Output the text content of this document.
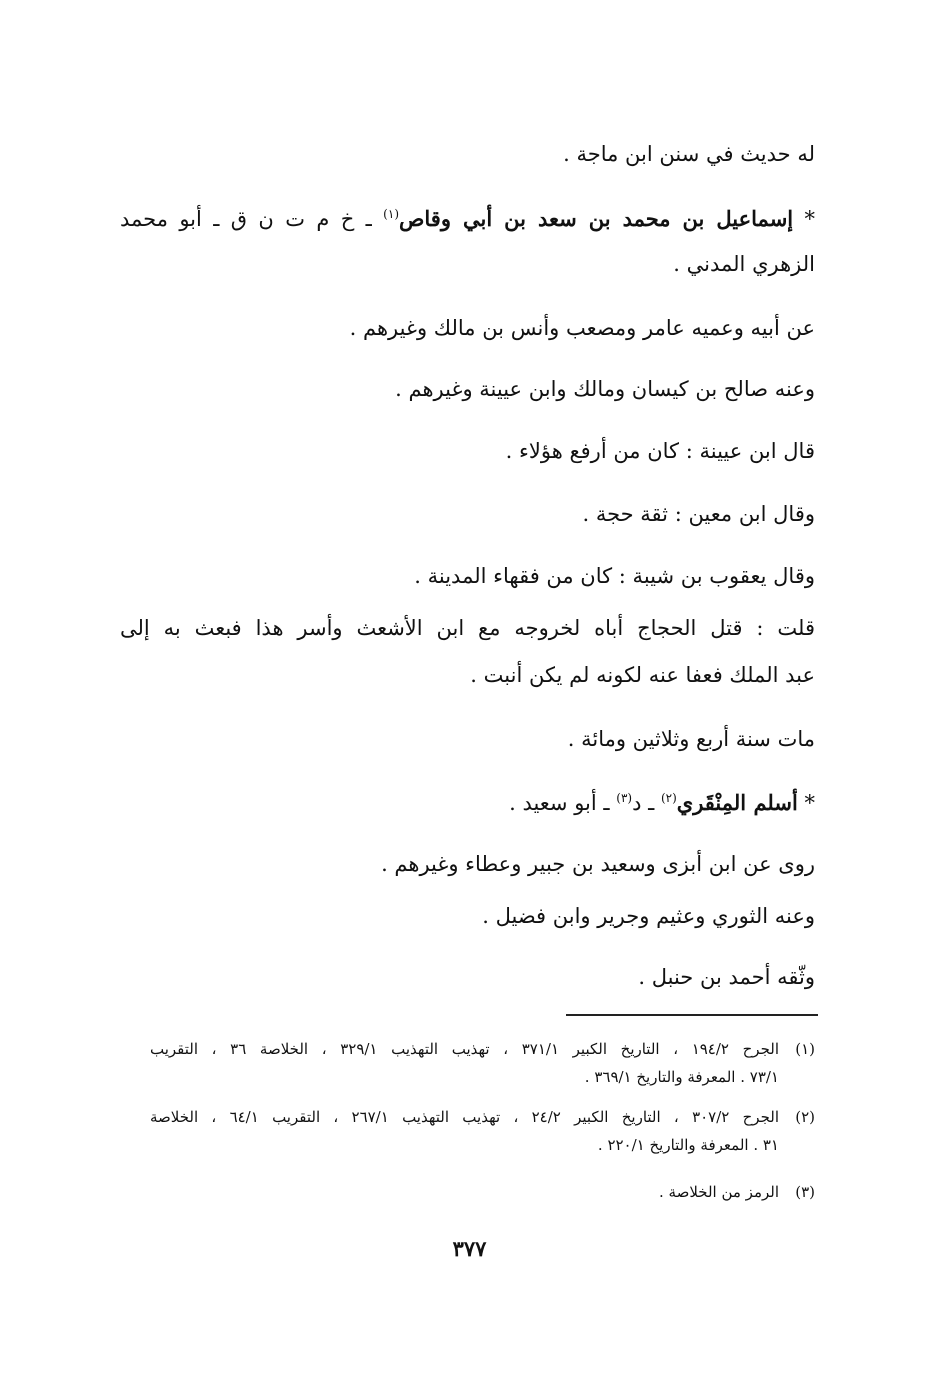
له حديث في سنن ابن ماجة .
* إسماعيل بن محمد بن سعد بن أبي وقاص$^{(١)}$ ـ خ م ت ن ق ـ أبو محمد
الزهري المدني .
عن أبيه وعميه عامر ومصعب وأنس بن مالك وغيرهم .
وعنه صالح بن كيسان ومالك وابن عيينة وغيرهم .
قال ابن عيينة : كان من أرفع هؤلاء .
وقال ابن معين : ثقة حجة .
وقال يعقوب بن شيبة : كان من فقهاء المدينة .
قلت : قتل الحجاج أباه لخروجه مع ابن الأشعث وأسر هذا فبعث به إلى
عبد الملك فعفا عنه لكونه لم يكن أنبت .
مات سنة أربع وثلاثين ومائة .
* أسلم المِنْقَري$^{(٢)}$ ـ د$^{(٣)}$ ـ أبو سعيد .
روى عن ابن أبزى وسعيد بن جبير وعطاء وغيرهم .
وعنه الثوري وعثيم وجرير وابن فضيل .
وثّقه أحمد بن حنبل .
(١)
الجرح ١٩٤/٢ ، التاريخ الكبير ٣٧١/١ ، تهذيب التهذيب ٣٢٩/١ ، الخلاصة ٣٦ ، التقريب
٧٣/١ . المعرفة والتاريخ ٣٦٩/١ .
(٢)
الجرح ٣٠٧/٢ ، التاريخ الكبير ٢٤/٢ ، تهذيب التهذيب ٢٦٧/١ ، التقريب ٦٤/١ ، الخلاصة
٣١ . المعرفة والتاريخ ٢٢٠/١ .
(٣)
الرمز من الخلاصة .
٣٧٧
